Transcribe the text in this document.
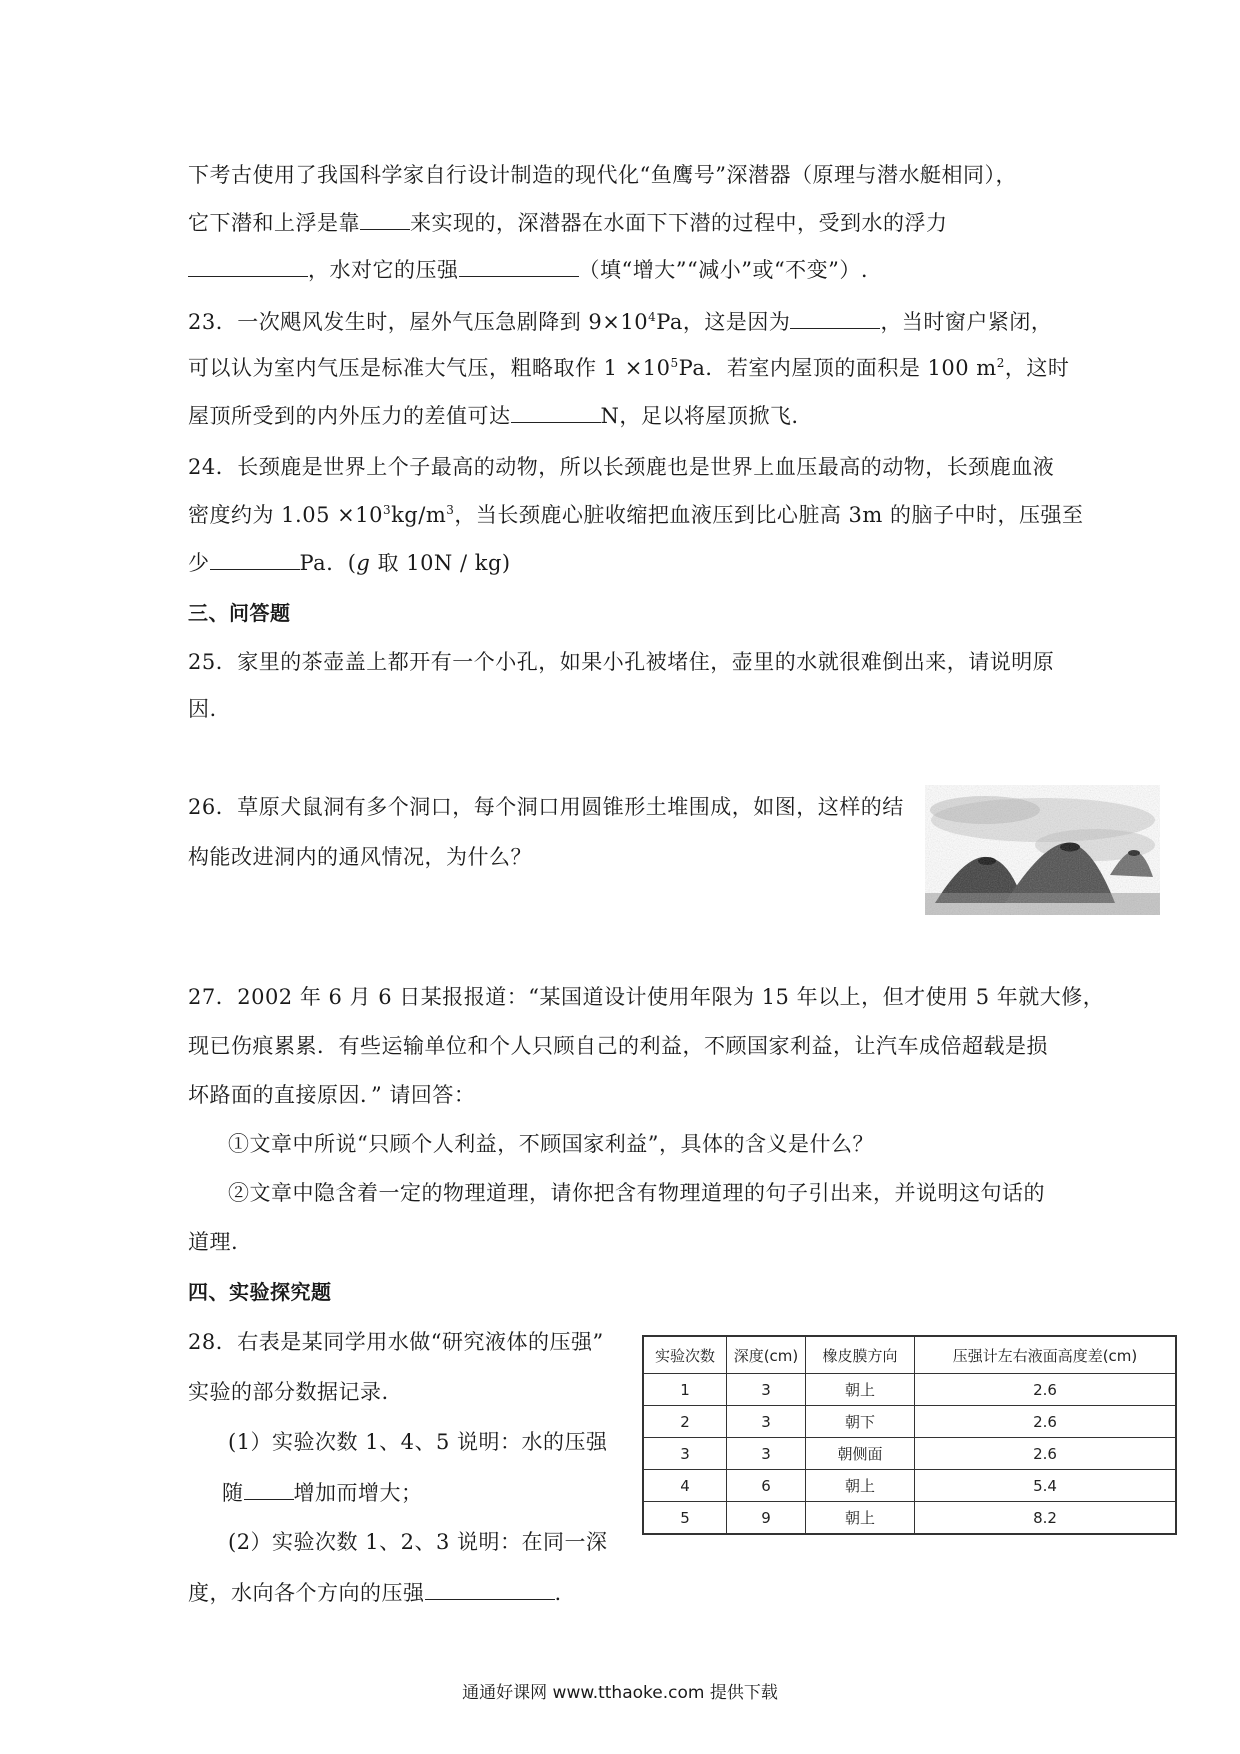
下考古使用了我国科学家自行设计制造的现代化“鱼鹰号”深潜器（原理与潜水艇相同），
它下潜和上浮是靠 来实现的，深潜器在水面下下潜的过程中，受到水的浮力
，水对它的压强	（填“增大”“减小”或“不变”）.
23．一次飓风发生时，屋外气压急剧降到 $9\times 10^4Pa$，这是因为	，当时窗户紧闭，
可以认为室内气压是标准大气压，粗略取作 $1 \times 10^5Pa$．若室内屋顶的面积是 100 $m^2$，这时
屋顶所受到的内外压力的差值可达	N，足以将屋顶掀飞.
24．长颈鹿是世界上个子最高的动物，所以长颈鹿也是世界上血压最高的动物，长颈鹿血液
密度约为 $1.05 \times 10^3kg/m^3$，当长颈鹿心脏收缩把血液压到比心脏高 3m 的脑子中时，压强至
少	Pa．(g 取 10N / kg)
三、问答题
25．家里的茶壶盖上都开有一个小孔，如果小孔被堵住，壶里的水就很难倒出来，请说明原
因.
26．草原犬鼠洞有多个洞口，每个洞口用圆锥形土堆围成，如图，这样的结
构能改进洞内的通风情况，为什么？
27．2002 年 6 月 6 日某报报道：“某国道设计使用年限为 15 年以上，但才使用 5 年就大修，
现已伤痕累累．有些运输单位和个人只顾自己的利益，不顾国家利益，让汽车成倍超载是损
坏路面的直接原因．” 请回答：
①文章中所说“只顾个人利益，不顾国家利益”，具体的含义是什么？
②文章中隐含着一定的物理道理，请你把含有物理道理的句子引出来，并说明这句话的
道理.
四、实验探究题
28．右表是某同学用水做“研究液体的压强”
实验的部分数据记录.
(1）实验次数 1、4、5 说明：水的压强
随 增加而增大；
(2）实验次数 1、2、3 说明：在同一深
度，水向各个方向的压强	.
实验次数	深度(cm)	橡皮膜方向	压强计左右液面高度差(cm)
1	3	朝上	2.6
2	3	朝下	2.6
3	3	朝侧面	2.6
4	6	朝上	5.4
5	9	朝上	8.2
通通好课网 www.tthaoke.com 提供下载
